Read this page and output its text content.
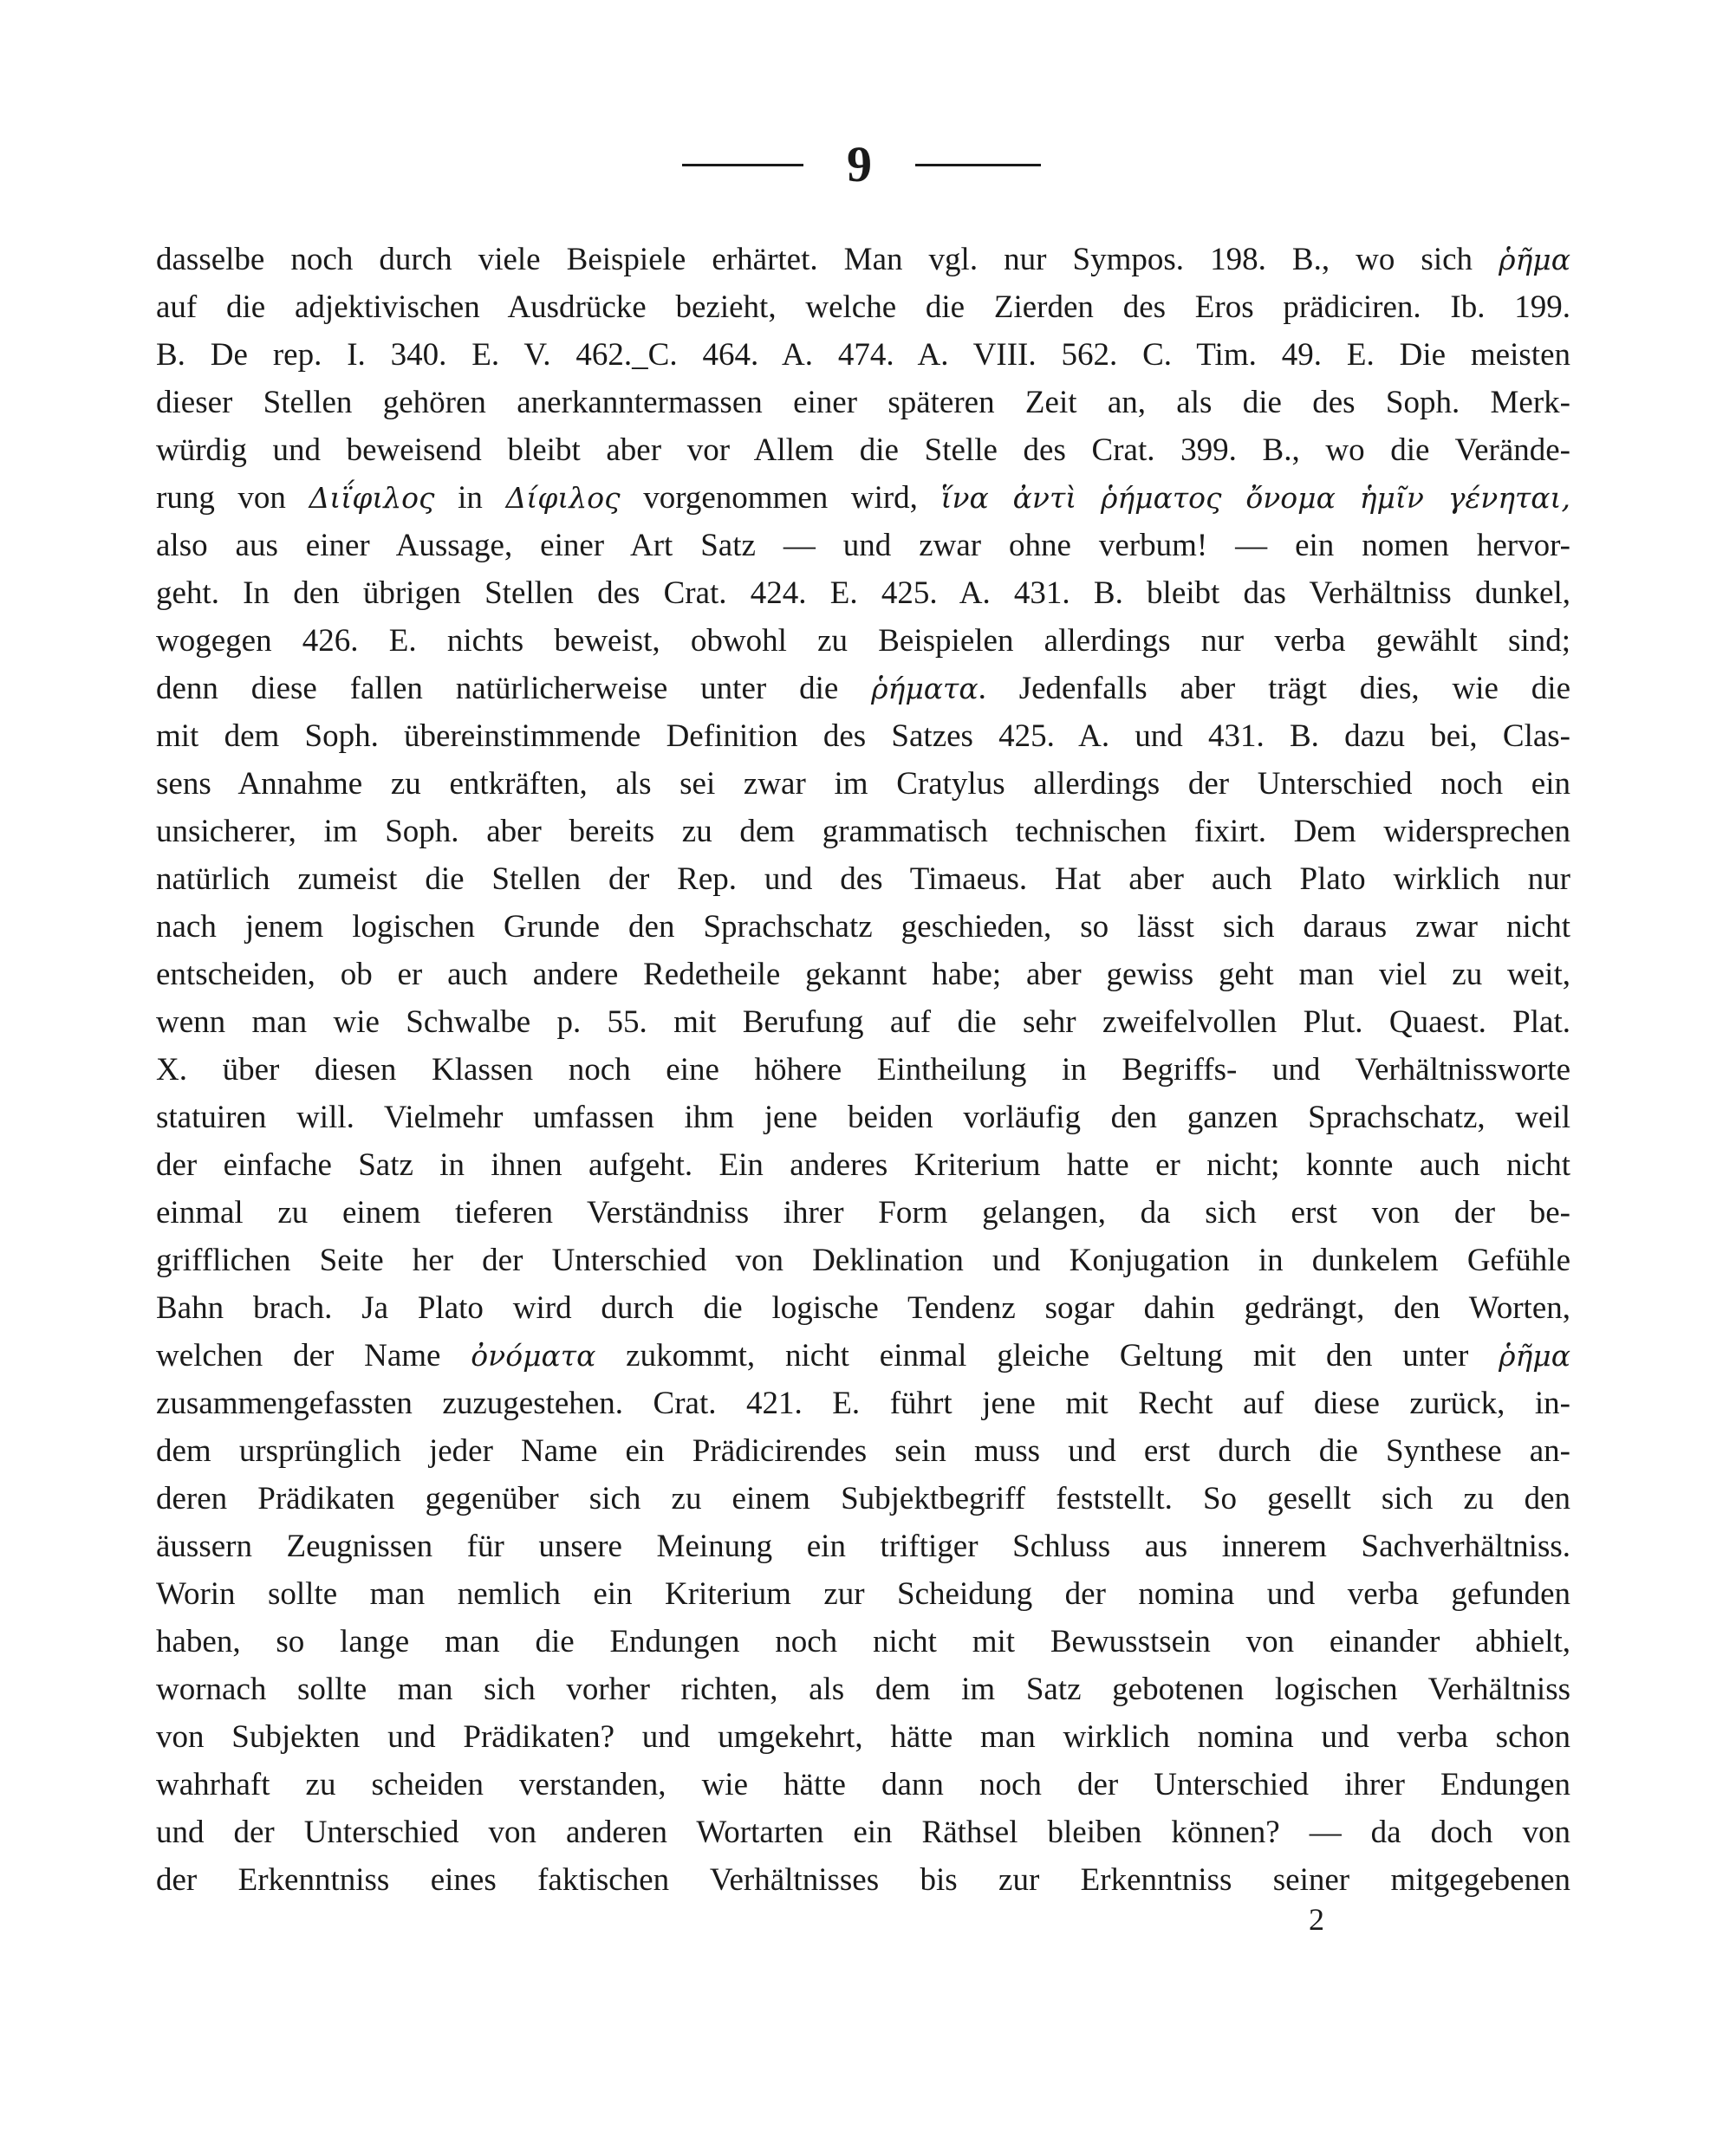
9
dasselbe noch durch viele Beispiele erhärtet. Man vgl. nur Sympos. 198. B., wo sich ῥῆμα
auf die adjektivischen Ausdrücke bezieht, welche die Zierden des Eros prädiciren. Ib. 199.
B. De rep. I. 340. E. V. 462._C. 464. A. 474. A. VIII. 562. C. Tim. 49. E. Die meisten
dieser Stellen gehören anerkanntermassen einer späteren Zeit an, als die des Soph. Merk-
würdig und beweisend bleibt aber vor Allem die Stelle des Crat. 399. B., wo die Verände-
rung von Διΐφιλος in Δίφιλος vorgenommen wird, ἵνα ἀντὶ ῥήματος ὄνομα ἡμῖν γένηται,
also aus einer Aussage, einer Art Satz — und zwar ohne verbum! — ein nomen hervor-
geht. In den übrigen Stellen des Crat. 424. E. 425. A. 431. B. bleibt das Verhältniss dunkel,
wogegen 426. E. nichts beweist, obwohl zu Beispielen allerdings nur verba gewählt sind;
denn diese fallen natürlicherweise unter die ῥήματα. Jedenfalls aber trägt dies, wie die
mit dem Soph. übereinstimmende Definition des Satzes 425. A. und 431. B. dazu bei, Clas-
sens Annahme zu entkräften, als sei zwar im Cratylus allerdings der Unterschied noch ein
unsicherer, im Soph. aber bereits zu dem grammatisch technischen fixirt. Dem widersprechen
natürlich zumeist die Stellen der Rep. und des Timaeus. Hat aber auch Plato wirklich nur
nach jenem logischen Grunde den Sprachschatz geschieden, so lässt sich daraus zwar nicht
entscheiden, ob er auch andere Redetheile gekannt habe; aber gewiss geht man viel zu weit,
wenn man wie Schwalbe p. 55. mit Berufung auf die sehr zweifelvollen Plut. Quaest. Plat.
X. über diesen Klassen noch eine höhere Eintheilung in Begriffs- und Verhältnissworte
statuiren will. Vielmehr umfassen ihm jene beiden vorläufig den ganzen Sprachschatz, weil
der einfache Satz in ihnen aufgeht. Ein anderes Kriterium hatte er nicht; konnte auch nicht
einmal zu einem tieferen Verständniss ihrer Form gelangen, da sich erst von der be-
grifflichen Seite her der Unterschied von Deklination und Konjugation in dunkelem Gefühle
Bahn brach. Ja Plato wird durch die logische Tendenz sogar dahin gedrängt, den Worten,
welchen der Name ὀνόματα zukommt, nicht einmal gleiche Geltung mit den unter ῥῆμα
zusammengefassten zuzugestehen. Crat. 421. E. führt jene mit Recht auf diese zurück, in-
dem ursprünglich jeder Name ein Prädicirendes sein muss und erst durch die Synthese an-
deren Prädikaten gegenüber sich zu einem Subjektbegriff feststellt. So gesellt sich zu den
äussern Zeugnissen für unsere Meinung ein triftiger Schluss aus innerem Sachverhältniss.
Worin sollte man nemlich ein Kriterium zur Scheidung der nomina und verba gefunden
haben, so lange man die Endungen noch nicht mit Bewusstsein von einander abhielt,
wornach sollte man sich vorher richten, als dem im Satz gebotenen logischen Verhältniss
von Subjekten und Prädikaten? und umgekehrt, hätte man wirklich nomina und verba schon
wahrhaft zu scheiden verstanden, wie hätte dann noch der Unterschied ihrer Endungen
und der Unterschied von anderen Wortarten ein Räthsel bleiben können? — da doch von
der Erkenntniss eines faktischen Verhältnisses bis zur Erkenntniss seiner mitgegebenen
2
